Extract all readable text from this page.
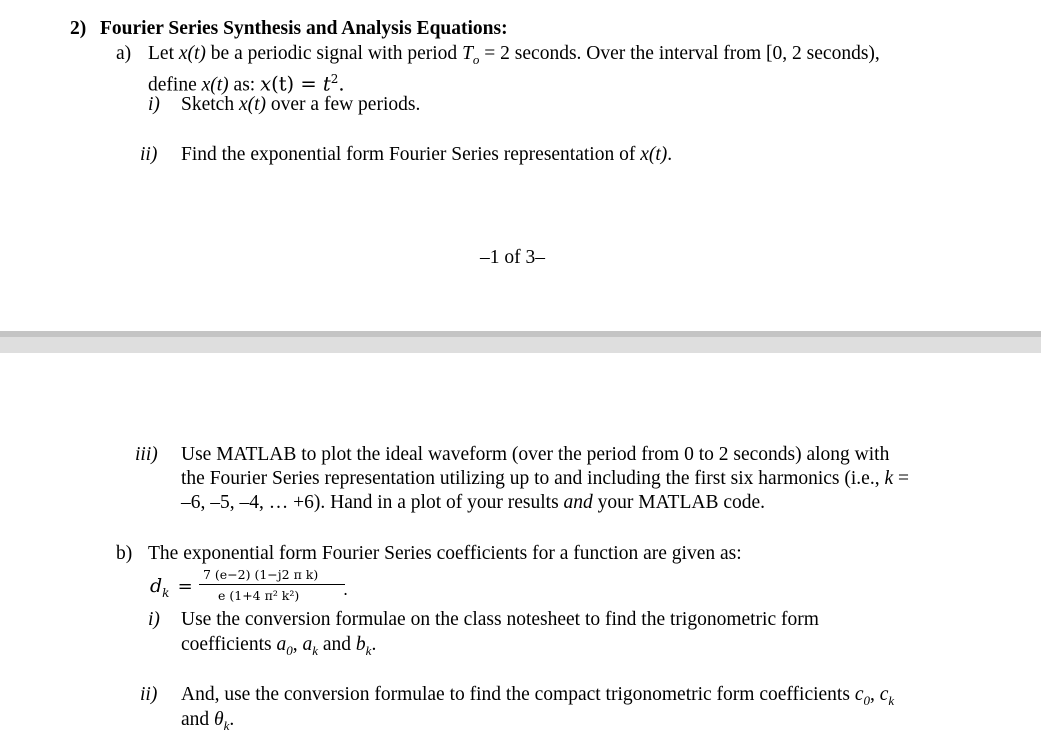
2) Fourier Series Synthesis and Analysis Equations:
a) Let x(t) be a periodic signal with period $T_o = 2$ seconds. Over the interval from [0, 2 seconds),
define x(t) as: $x(t) = t^2$.
i) Sketch x(t) over a few periods.
ii) Find the exponential form Fourier Series representation of x(t).
–1 of 3–
iii) Use MATLAB to plot the ideal waveform (over the period from 0 to 2 seconds) along with
the Fourier Series representation utilizing up to and including the first six harmonics (i.e., k =
–6, –5, –4, … +6). Hand in a plot of your results and your MATLAB code.
b) The exponential form Fourier Series coefficients for a function are given as:
$d_k$ =
7 (e−2) (1−j2 π k)
e (1+4 π² k²)	.
i) Use the conversion formulae on the class notesheet to find the trigonometric form
coefficients $a_0$, $a_k$ and $b_k$.
ii) And, use the conversion formulae to find the compact trigonometric form coefficients $c_0$, $c_k$
and $\theta_k$.
